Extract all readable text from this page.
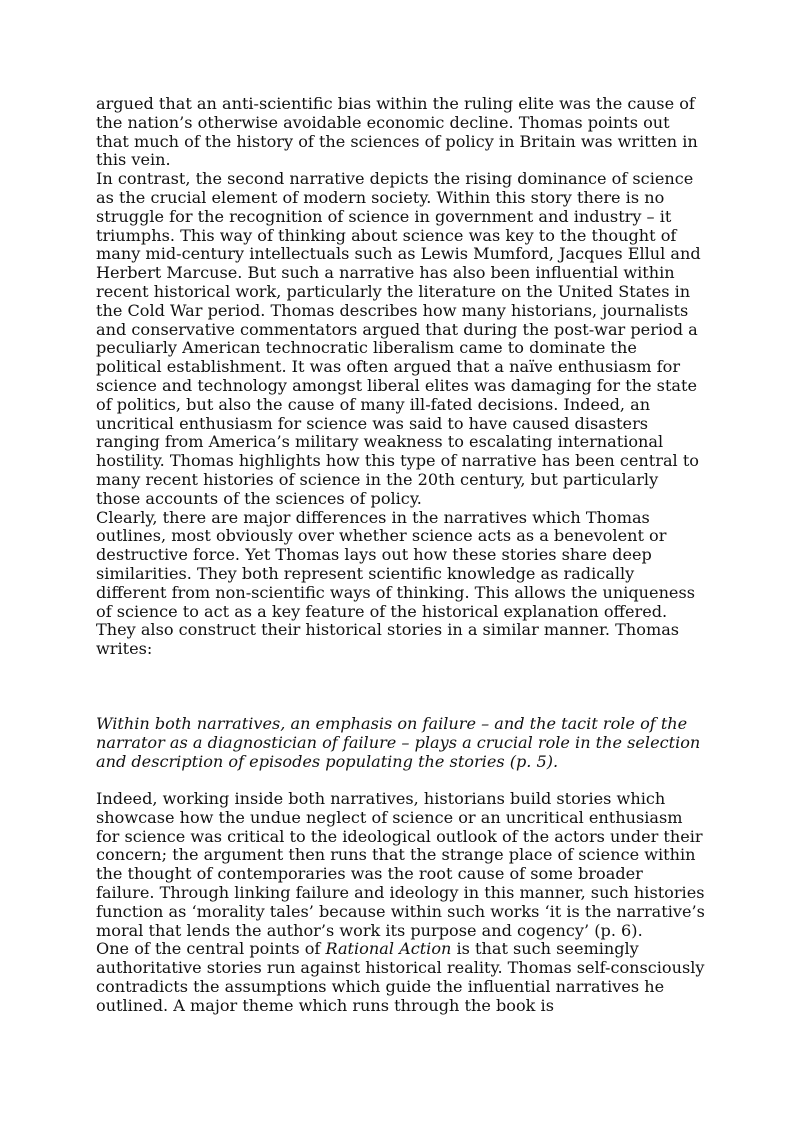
argued that an anti-scientific bias within the ruling elite was the cause of the nation’s otherwise avoidable economic decline. Thomas points out that much of the history of the sciences of policy in Britain was written in this vein.

In contrast, the second narrative depicts the rising dominance of science as the crucial element of modern society. Within this story there is no struggle for the recognition of science in government and industry – it triumphs. This way of thinking about science was key to the thought of many mid-century intellectuals such as Lewis Mumford, Jacques Ellul and Herbert Marcuse. But such a narrative has also been influential within recent historical work, particularly the literature on the United States in the Cold War period. Thomas describes how many historians, journalists and conservative commentators argued that during the post-war period a peculiarly American technocratic liberalism came to dominate the political establishment. It was often argued that a naïve enthusiasm for science and technology amongst liberal elites was damaging for the state of politics, but also the cause of many ill-fated decisions. Indeed, an uncritical enthusiasm for science was said to have caused disasters ranging from America’s military weakness to escalating international hostility. Thomas highlights how this type of narrative has been central to many recent histories of science in the 20th century, but particularly those accounts of the sciences of policy.

Clearly, there are major differences in the narratives which Thomas outlines, most obviously over whether science acts as a benevolent or destructive force. Yet Thomas lays out how these stories share deep similarities. They both represent scientific knowledge as radically different from non-scientific ways of thinking. This allows the uniqueness of science to act as a key feature of the historical explanation offered. They also construct their historical stories in a similar manner. Thomas writes:

Within both narratives, an emphasis on failure – and the tacit role of the narrator as a diagnostician of failure – plays a crucial role in the selection and description of episodes populating the stories (p. 5).

Indeed, working inside both narratives, historians build stories which showcase how the undue neglect of science or an uncritical enthusiasm for science was critical to the ideological outlook of the actors under their concern; the argument then runs that the strange place of science within the thought of contemporaries was the root cause of some broader failure. Through linking failure and ideology in this manner, such histories function as ‘morality tales’ because within such works ‘it is the narrative’s moral that lends the author’s work its purpose and cogency’ (p. 6).

One of the central points of Rational Action is that such seemingly authoritative stories run against historical reality. Thomas self-consciously contradicts the assumptions which guide the influential narratives he outlined. A major theme which runs through the book is
